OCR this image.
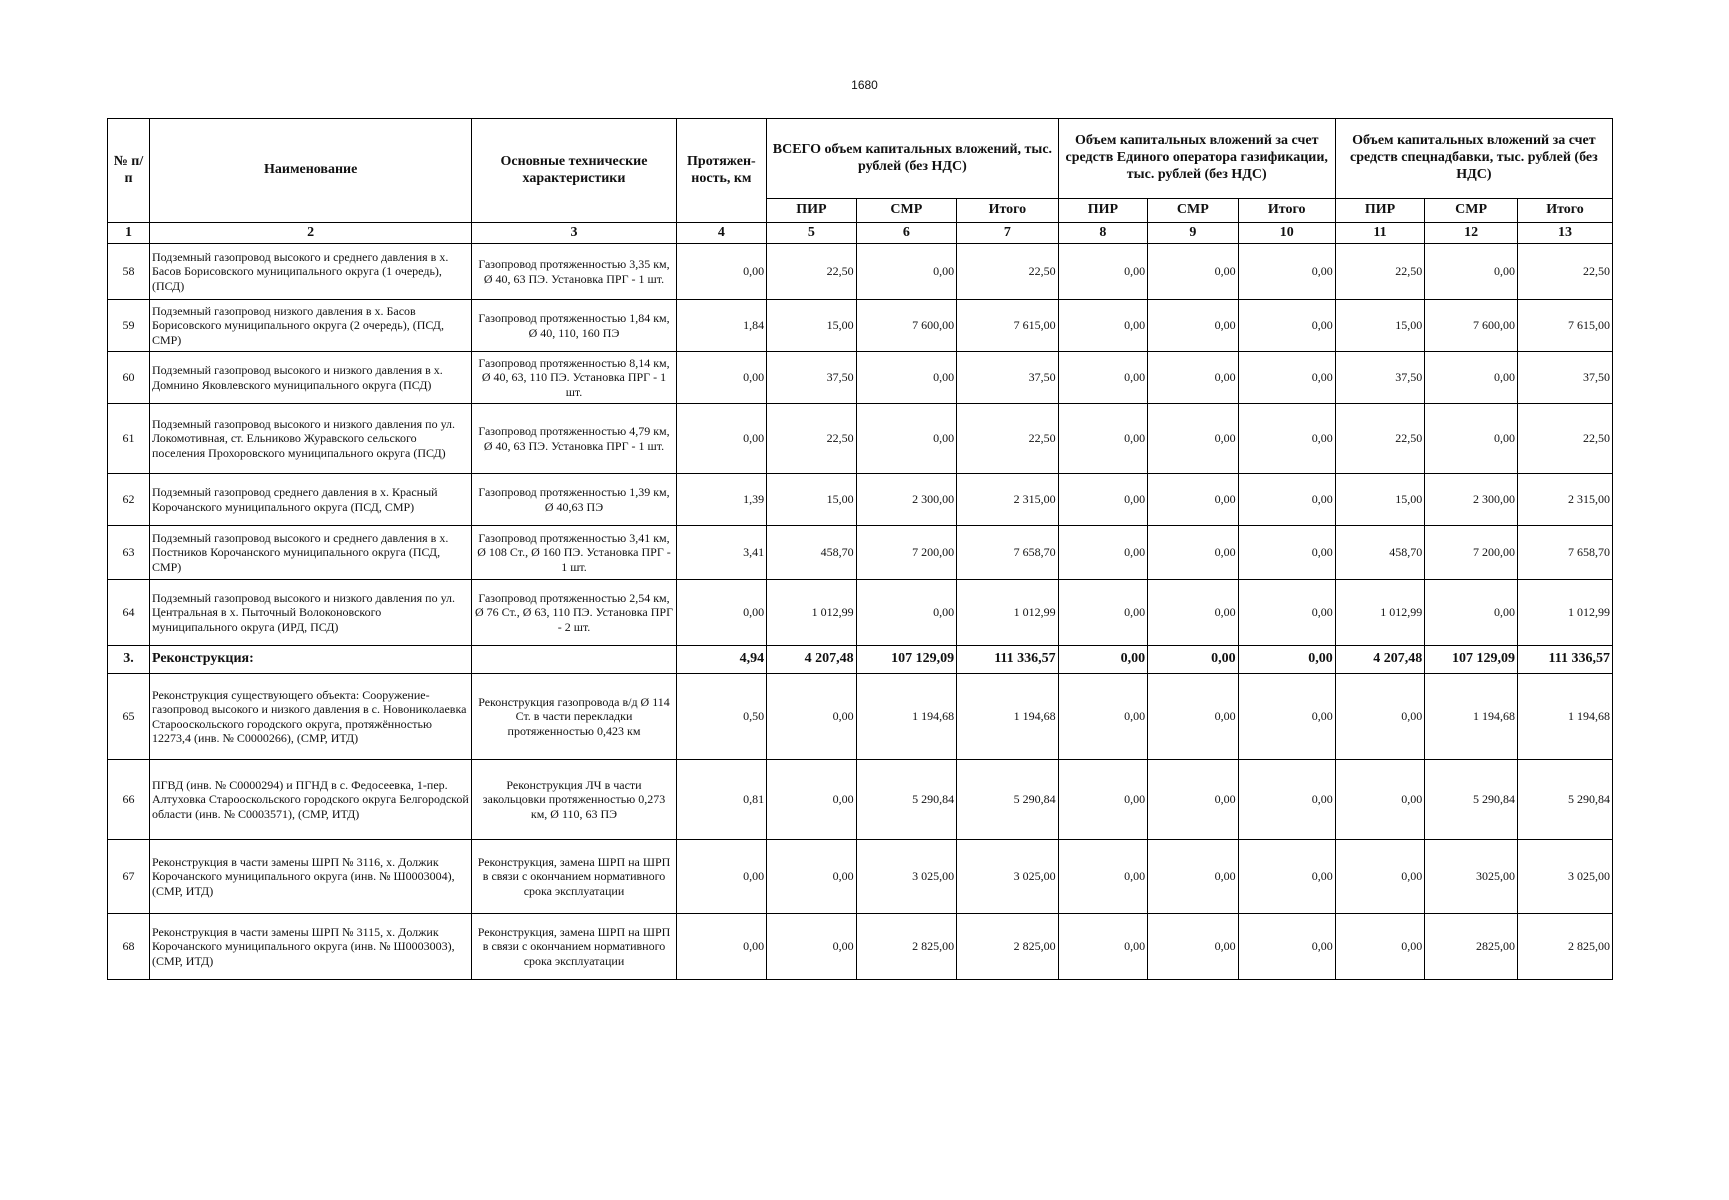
1680
№ п/п	Наименование	Основные технические характеристики	Протяжен-ность, км	ВСЕГО объем капитальных вложений, тыс. рублей (без НДС)			Объем капитальных вложений за счет средств Единого оператора газификации, тыс. рублей (без НДС)			Объем капитальных вложений за счет средств спецнадбавки, тыс. рублей (без НДС)		
				ПИР	СМР	Итого	ПИР	СМР	Итого	ПИР	СМР	Итого
1	2	3	4	5	6	7	8	9	10	11	12	13
58	Подземный газопровод высокого и среднего давления в х. Басов Борисовского муниципального округа (1 очередь), (ПСД)	Газопровод протяженностью 3,35 км, Ø 40, 63 ПЭ. Установка ПРГ - 1 шт.	0,00	22,50	0,00	22,50	0,00	0,00	0,00	22,50	0,00	22,50
59	Подземный газопровод низкого давления в х. Басов Борисовского муниципального округа (2 очередь), (ПСД, СМР)	Газопровод протяженностью 1,84 км, Ø 40, 110, 160 ПЭ	1,84	15,00	7 600,00	7 615,00	0,00	0,00	0,00	15,00	7 600,00	7 615,00
60	Подземный газопровод высокого и низкого давления в х. Домнино Яковлевского муниципального округа (ПСД)	Газопровод протяженностью 8,14 км, Ø 40, 63, 110 ПЭ. Установка ПРГ - 1 шт.	0,00	37,50	0,00	37,50	0,00	0,00	0,00	37,50	0,00	37,50
61	Подземный газопровод высокого и низкого давления по ул. Локомотивная, ст. Ельниково Журавского сельского поселения Прохоровского муниципального округа (ПСД)	Газопровод протяженностью 4,79 км, Ø 40, 63 ПЭ. Установка ПРГ - 1 шт.	0,00	22,50	0,00	22,50	0,00	0,00	0,00	22,50	0,00	22,50
62	Подземный газопровод среднего давления в х. Красный Корочанского муниципального округа (ПСД, СМР)	Газопровод протяженностью 1,39 км, Ø 40,63 ПЭ	1,39	15,00	2 300,00	2 315,00	0,00	0,00	0,00	15,00	2 300,00	2 315,00
63	Подземный газопровод высокого и среднего давления в х. Постников Корочанского муниципального округа (ПСД, СМР)	Газопровод протяженностью 3,41 км, Ø 108 Ст., Ø 160 ПЭ. Установка ПРГ - 1 шт.	3,41	458,70	7 200,00	7 658,70	0,00	0,00	0,00	458,70	7 200,00	7 658,70
64	Подземный газопровод высокого и низкого давления по ул. Центральная в х. Пыточный Волоконовского муниципального округа (ИРД, ПСД)	Газопровод протяженностью 2,54 км, Ø 76 Ст., Ø 63, 110 ПЭ. Установка ПРГ - 2 шт.	0,00	1 012,99	0,00	1 012,99	0,00	0,00	0,00	1 012,99	0,00	1 012,99
3.	Реконструкция:		4,94	4 207,48	107 129,09	111 336,57	0,00	0,00	0,00	4 207,48	107 129,09	111 336,57
65	Реконструкция существующего объекта: Сооружение-газопровод высокого и низкого давления в с. Новониколаевка Старооскольского городского округа, протяжённостью 12273,4 (инв. № С0000266), (СМР, ИТД)	Реконструкция газопровода в/д Ø 114 Ст. в части перекладки протяженностью 0,423 км	0,50	0,00	1 194,68	1 194,68	0,00	0,00	0,00	0,00	1 194,68	1 194,68
66	ПГВД (инв. № С0000294) и ПГНД в с. Федосеевка, 1-пер. Алтуховка Старооскольского городского округа Белгородской области (инв. № С0003571), (СМР, ИТД)	Реконструкция ЛЧ в части закольцовки протяженностью 0,273 км, Ø 110, 63 ПЭ	0,81	0,00	5 290,84	5 290,84	0,00	0,00	0,00	0,00	5 290,84	5 290,84
67	Реконструкция в части замены ШРП № 3116, х. Должик Корочанского муниципального округа (инв. № Ш0003004), (СМР, ИТД)	Реконструкция, замена ШРП на ШРП в связи с окончанием нормативного срока эксплуатации	0,00	0,00	3 025,00	3 025,00	0,00	0,00	0,00	0,00	3025,00	3 025,00
68	Реконструкция в части замены ШРП № 3115, х. Должик Корочанского муниципального округа (инв. № Ш0003003), (СМР, ИТД)	Реконструкция, замена ШРП на ШРП в связи с окончанием нормативного срока эксплуатации	0,00	0,00	2 825,00	2 825,00	0,00	0,00	0,00	0,00	2825,00	2 825,00
